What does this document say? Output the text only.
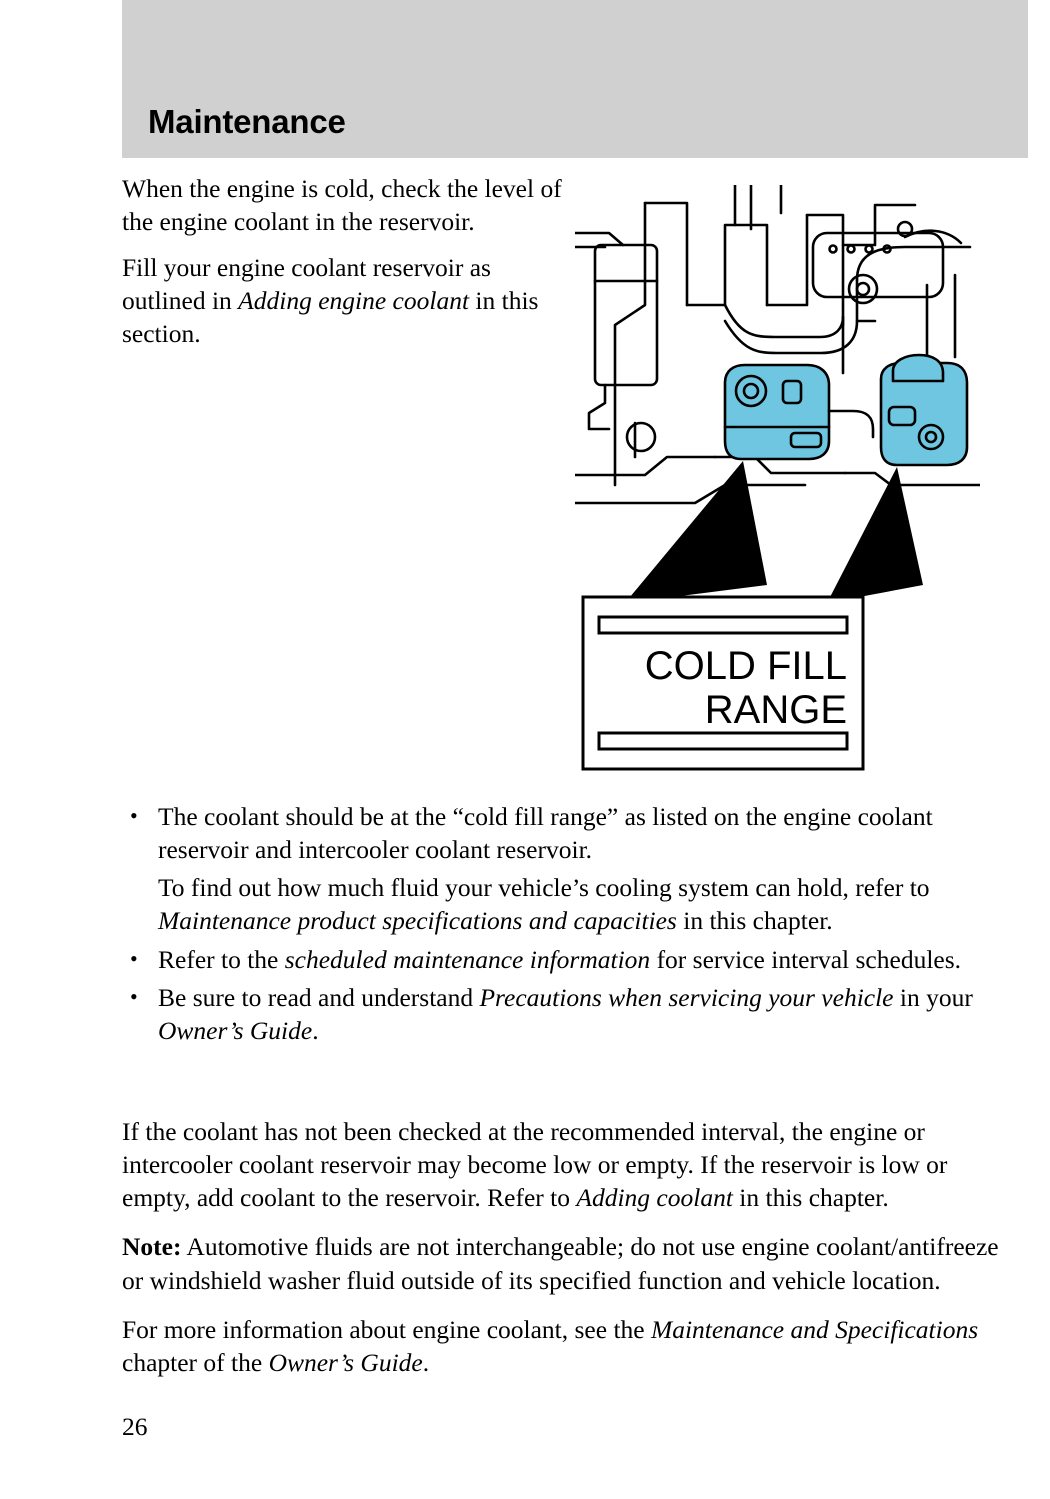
Maintenance

When the engine is cold, check the level of the engine coolant in the reservoir.

Fill your engine coolant reservoir as outlined in Adding engine coolant in this section.

COLD FILL
RANGE
• The coolant should be at the “cold fill range” as listed on the engine coolant reservoir and intercooler coolant reservoir.

To find out how much fluid your vehicle’s cooling system can hold, refer to Maintenance product specifications and capacities in this chapter.

• Refer to the scheduled maintenance information for service interval schedules.
• Be sure to read and understand Precautions when servicing your vehicle in your Owner’s Guide.

If the coolant has not been checked at the recommended interval, the engine or intercooler coolant reservoir may become low or empty. If the reservoir is low or empty, add coolant to the reservoir. Refer to Adding coolant in this chapter.

Note: Automotive fluids are not interchangeable; do not use engine coolant/antifreeze or windshield washer fluid outside of its specified function and vehicle location.

For more information about engine coolant, see the Maintenance and Specifications chapter of the Owner’s Guide.

26
